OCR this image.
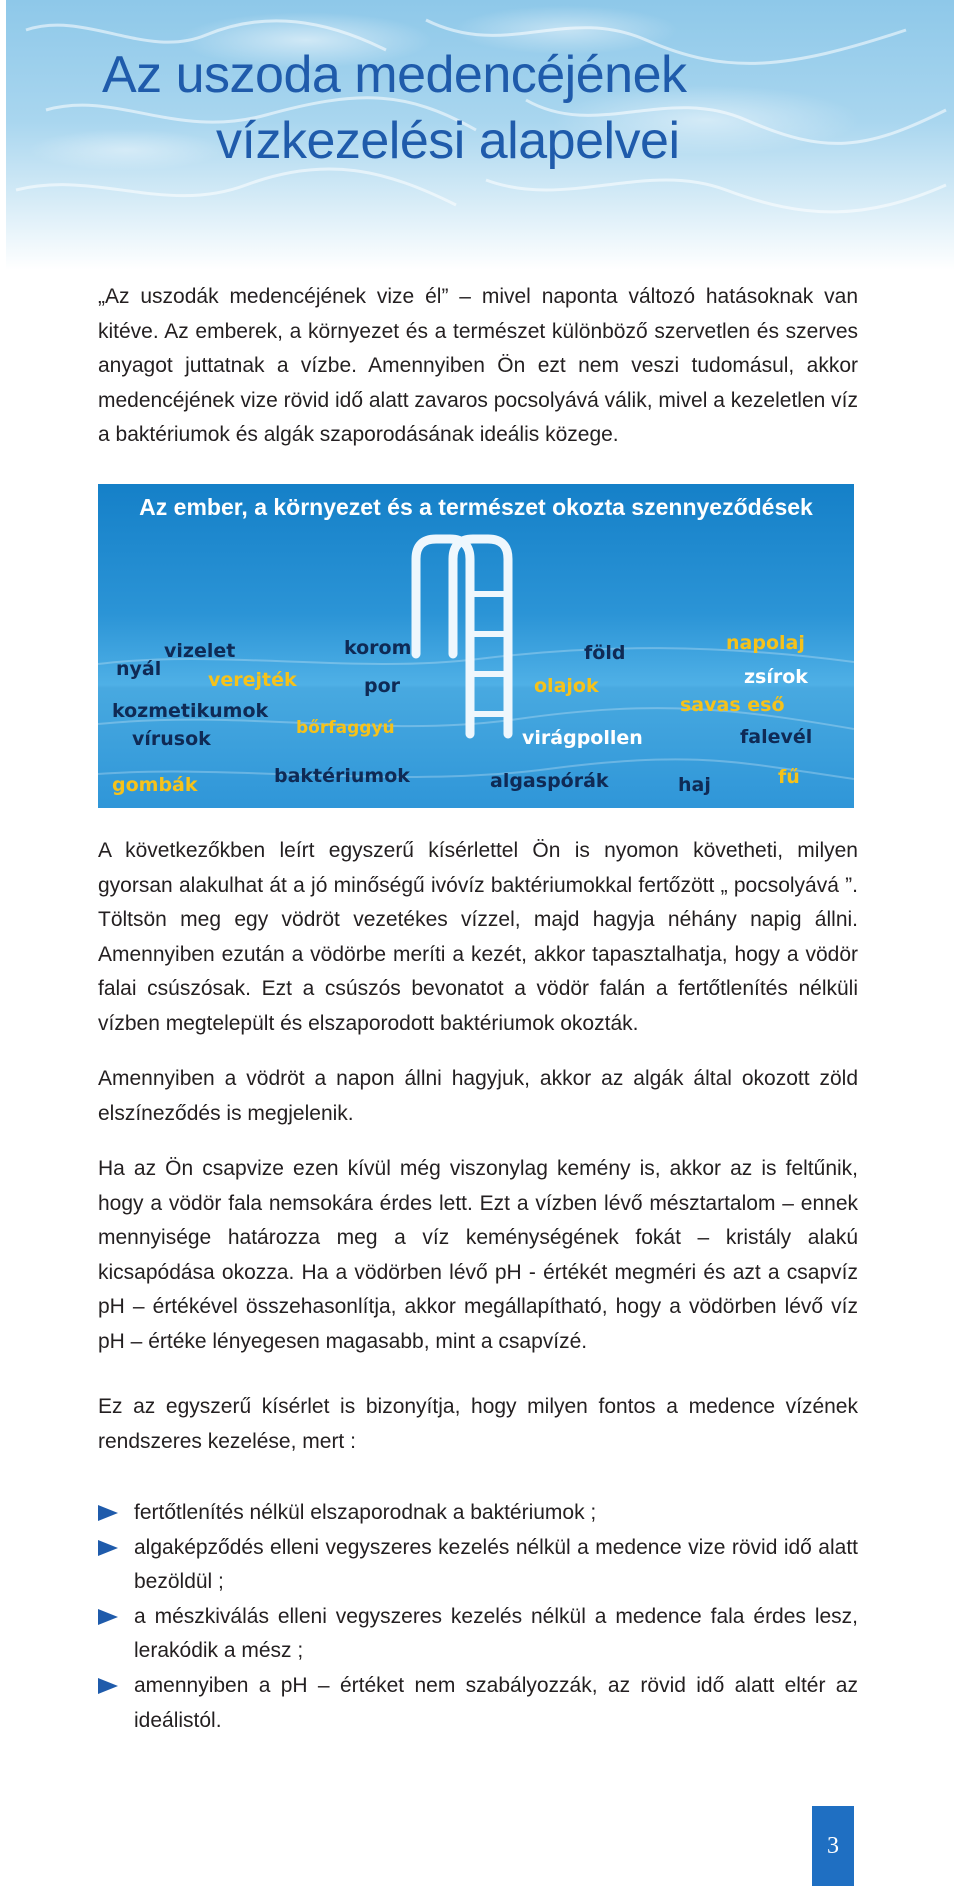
Az uszoda medencéjének
vízkezelési alapelvei

„Az uszodák medencéjének vize él” – mivel naponta változó hatásoknak van kitéve. Az emberek, a környezet és a természet különböző szervetlen és szerves anyagot juttatnak a vízbe. Amennyiben Ön ezt nem veszi tudomásul, akkor medencéjének vize rövid idő alatt zavaros pocsolyává válik, mivel a kezeletlen víz a baktériumok és algák szaporodásának ideális közege.

Az ember, a környezet és a természet okozta szennyeződések
nyál
vizelet
verejték
korom
por
kozmetikumok
vírusok	bőrfaggyú
gombák	baktériumok
föld
olajok
virágpollen
algaspórák	haj
napolaj
zsírok
savas eső
falevél
fű

A következőkben leírt egyszerű kísérlettel Ön is nyomon követheti, milyen gyorsan alakulhat át a jó minőségű ivóvíz baktériumokkal fertőzött „ pocsolyává ”. Töltsön meg egy vödröt vezetékes vízzel, majd hagyja néhány napig állni. Amennyiben ezután a vödörbe meríti a kezét, akkor tapasztalhatja, hogy a vödör falai csúszósak. Ezt a csúszós bevonatot a vödör falán a fertőtlenítés nélküli vízben megtelepült és elszaporodott baktériumok okozták.

Amennyiben a vödröt a napon állni hagyjuk, akkor az algák által okozott zöld elszíneződés is megjelenik.

Ha az Ön csapvize ezen kívül még viszonylag kemény is, akkor az is feltűnik, hogy a vödör fala nemsokára érdes lett. Ezt a vízben lévő mésztartalom – ennek mennyisége határozza meg a víz keménységének fokát – kristály alakú kicsapódása okozza. Ha a vödörben lévő pH - értékét megméri és azt a csapvíz pH – értékével összehasonlítja, akkor megállapítható, hogy a vödörben lévő víz pH – értéke lényegesen magasabb, mint a csapvízé.

Ez az egyszerű kísérlet is bizonyítja, hogy milyen fontos a medence vízének rendszeres kezelése, mert :

fertőtlenítés nélkül elszaporodnak a baktériumok ;
algaképződés elleni vegyszeres kezelés nélkül a medence vize rövid idő alatt bezöldül ;
a mészkiválás elleni vegyszeres kezelés nélkül a medence fala érdes lesz, lerakódik a mész ;
amennyiben a pH – értéket nem szabályozzák, az rövid idő alatt eltér az ideálistól.
3
